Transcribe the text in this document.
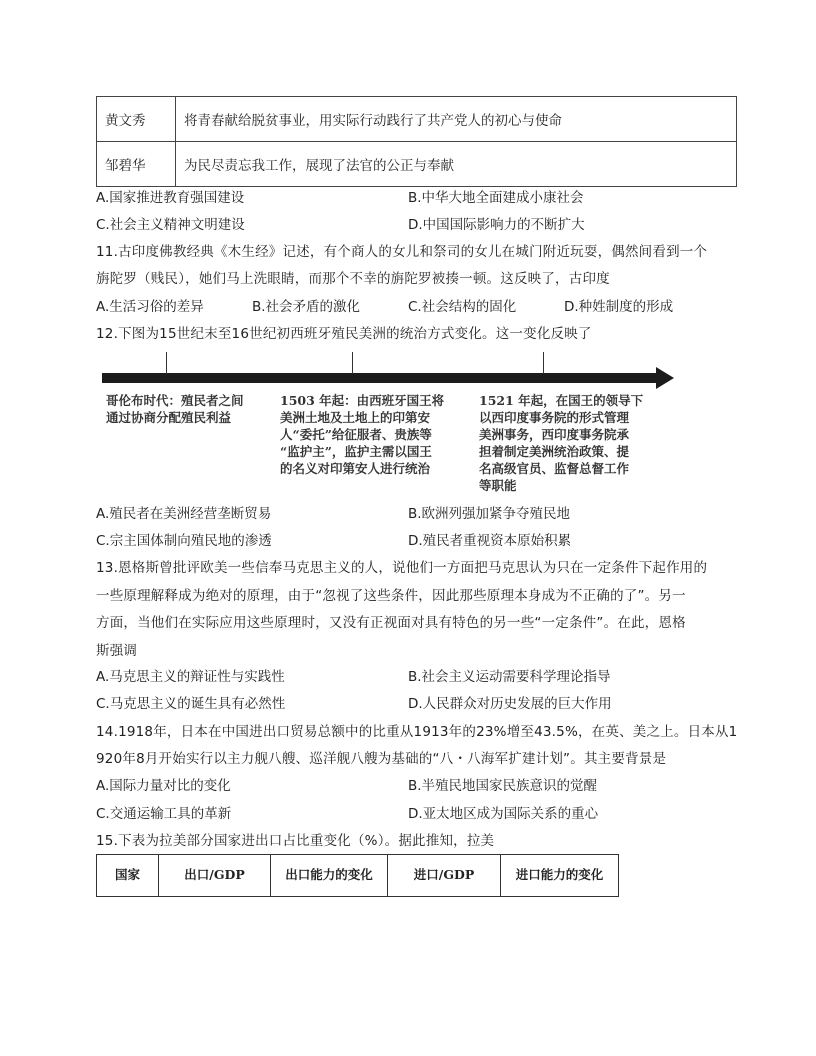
黄文秀	将青春献给脱贫事业，用实际行动践行了共产党人的初心与使命
邹碧华	为民尽责忘我工作，展现了法官的公正与奉献
A.国家推进教育强国建设	B.中华大地全面建成小康社会
C.社会主义精神文明建设	D.中国国际影响力的不断扩大
11.古印度佛教经典《木生经》记述，有个商人的女儿和祭司的女儿在城门附近玩耍，偶然间看到一个
旃陀罗（贱民），她们马上洗眼睛，而那个不幸的旃陀罗被揍一顿。这反映了，古印度
A.生活习俗的差异	B.社会矛盾的激化	C.社会结构的固化	D.种姓制度的形成
12.下图为15世纪末至16世纪初西班牙殖民美洲的统治方式变化。这一变化反映了
哥伦布时代：殖民者之间
通过协商分配殖民利益
1503 年起：由西班牙国王将
美洲土地及土地上的印第安
人“委托”给征服者、贵族等
“监护主”，监护主需以国王
的名义对印第安人进行统治
1521 年起，在国王的领导下
以西印度事务院的形式管理
美洲事务，西印度事务院承
担着制定美洲统治政策、提
名高级官员、监督总督工作
等职能
A.殖民者在美洲经营垄断贸易	B.欧洲列强加紧争夺殖民地
C.宗主国体制向殖民地的渗透	D.殖民者重视资本原始积累
13.恩格斯曾批评欧美一些信奉马克思主义的人，说他们一方面把马克思认为只在一定条件下起作用的
一些原理解释成为绝对的原理，由于“忽视了这些条件，因此那些原理本身成为不正确的了”。另一
方面，当他们在实际应用这些原理时，又没有正视面对具有特色的另一些“一定条件”。在此，恩格
斯强调
A.马克思主义的辩证性与实践性	B.社会主义运动需要科学理论指导
C.马克思主义的诞生具有必然性	D.人民群众对历史发展的巨大作用
14.1918年，日本在中国进出口贸易总额中的比重从1913年的23%增至43.5%，在英、美之上。日本从1
920年8月开始实行以主力舰八艘、巡洋舰八艘为基础的“八・八海军扩建计划”。其主要背景是
A.国际力量对比的变化	B.半殖民地国家民族意识的觉醒
C.交通运输工具的革新	D.亚太地区成为国际关系的重心
15.下表为拉美部分国家进出口占比重变化（%）。据此推知，拉美
国家	出口/GDP	出口能力的变化	进口/GDP	进口能力的变化
